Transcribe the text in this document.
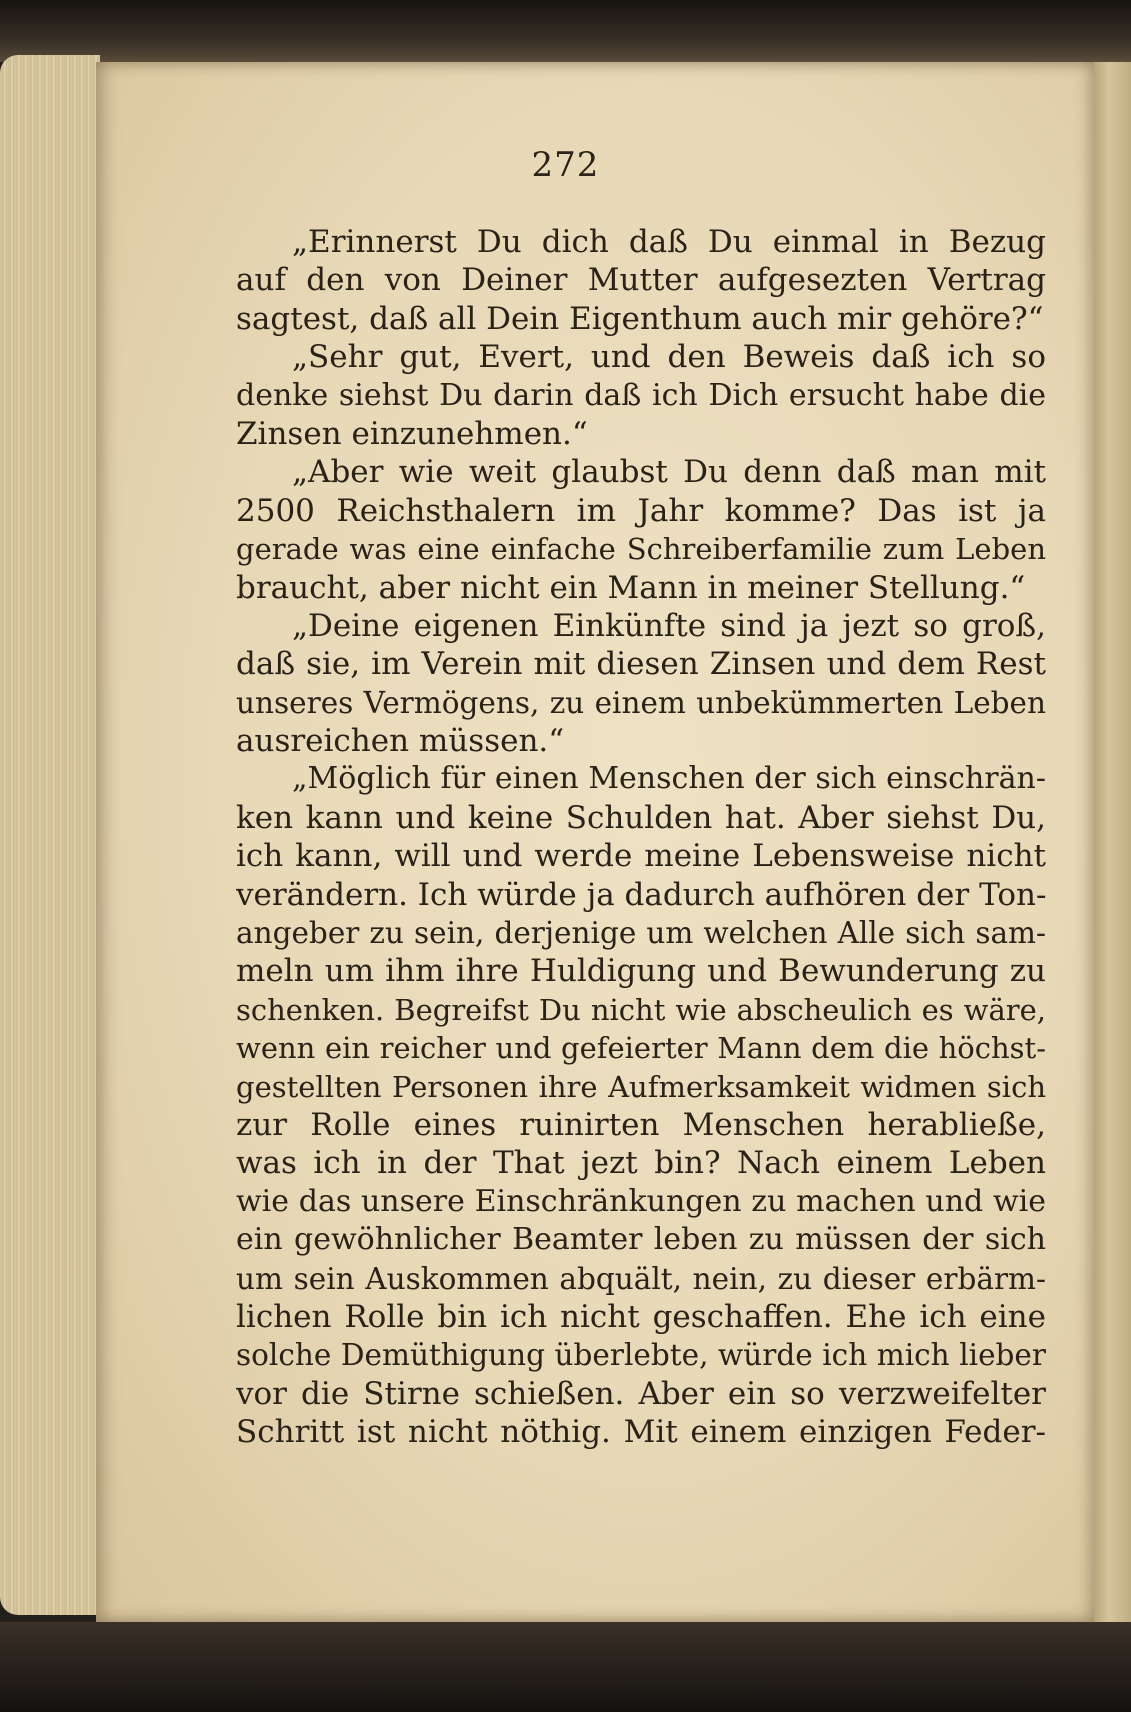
272
„Erinnerst Du dich daß Du einmal in Bezug
auf den von Deiner Mutter aufgesezten Vertrag
sagtest, daß all Dein Eigenthum auch mir gehöre?“
„Sehr gut, Evert, und den Beweis daß ich so
denke siehst Du darin daß ich Dich ersucht habe die
Zinsen einzunehmen.“
„Aber wie weit glaubst Du denn daß man mit
2500 Reichsthalern im Jahr komme? Das ist ja
gerade was eine einfache Schreiberfamilie zum Leben
braucht, aber nicht ein Mann in meiner Stellung.“
„Deine eigenen Einkünfte sind ja jezt so groß,
daß sie, im Verein mit diesen Zinsen und dem Rest
unseres Vermögens, zu einem unbekümmerten Leben
ausreichen müssen.“
„Möglich für einen Menschen der sich einschrän-
ken kann und keine Schulden hat. Aber siehst Du,
ich kann, will und werde meine Lebensweise nicht
verändern. Ich würde ja dadurch aufhören der Ton-
angeber zu sein, derjenige um welchen Alle sich sam-
meln um ihm ihre Huldigung und Bewunderung zu
schenken. Begreifst Du nicht wie abscheulich es wäre,
wenn ein reicher und gefeierter Mann dem die höchst-
gestellten Personen ihre Aufmerksamkeit widmen sich
zur Rolle eines ruinirten Menschen herabließe,
was ich in der That jezt bin? Nach einem Leben
wie das unsere Einschränkungen zu machen und wie
ein gewöhnlicher Beamter leben zu müssen der sich
um sein Auskommen abquält, nein, zu dieser erbärm-
lichen Rolle bin ich nicht geschaffen. Ehe ich eine
solche Demüthigung überlebte, würde ich mich lieber
vor die Stirne schießen. Aber ein so verzweifelter
Schritt ist nicht nöthig. Mit einem einzigen Feder-
